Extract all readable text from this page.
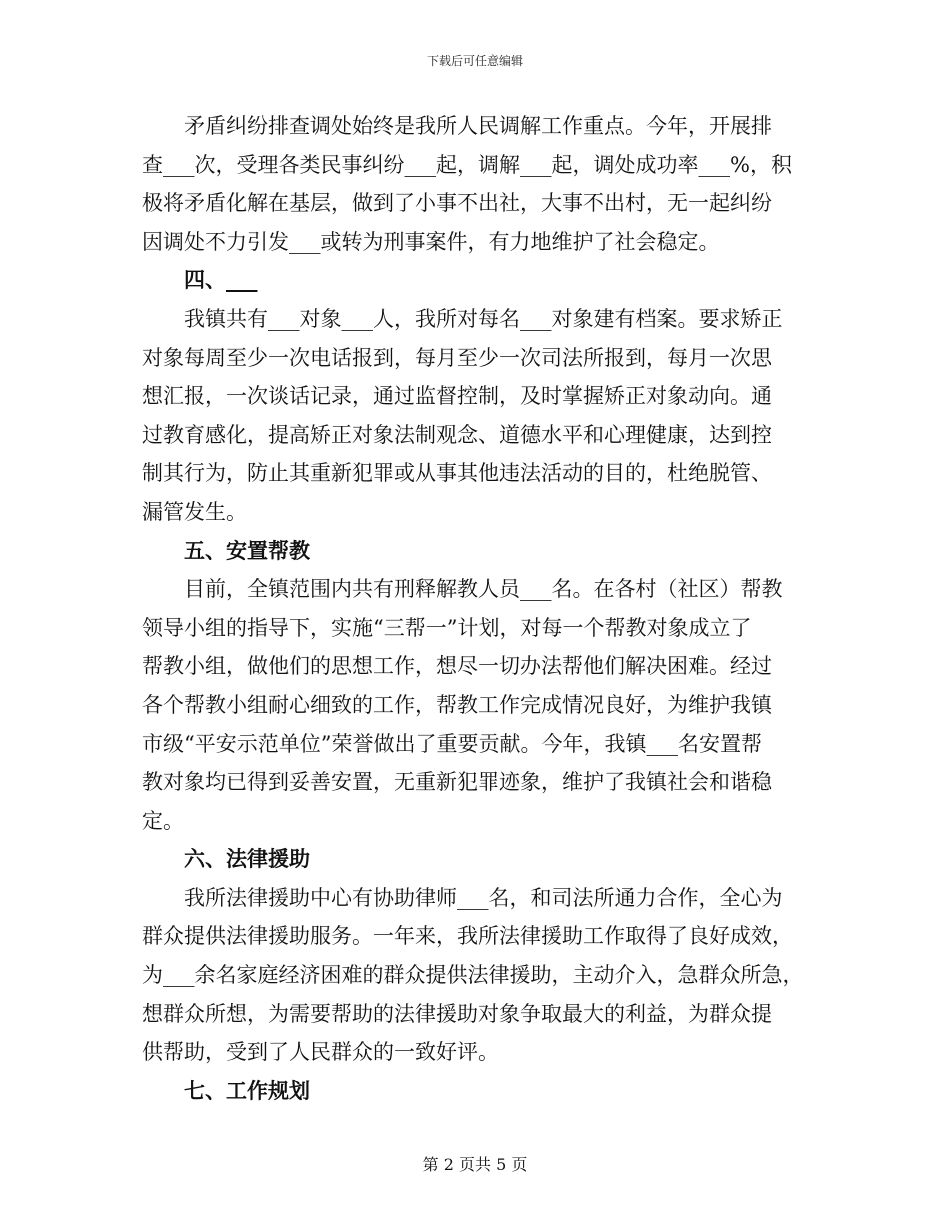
下载后可任意编辑
矛盾纠纷排查调处始终是我所人民调解工作重点。今年，开展排
查___次，受理各类民事纠纷___起，调解___起，调处成功率___%，积
极将矛盾化解在基层，做到了小事不出社，大事不出村，无一起纠纷
因调处不力引发___或转为刑事案件，有力地维护了社会稳定。
四、___
我镇共有___对象___人，我所对每名___对象建有档案。要求矫正
对象每周至少一次电话报到，每月至少一次司法所报到，每月一次思
想汇报，一次谈话记录，通过监督控制，及时掌握矫正对象动向。通
过教育感化，提高矫正对象法制观念、道德水平和心理健康，达到控
制其行为，防止其重新犯罪或从事其他违法活动的目的，杜绝脱管、
漏管发生。
五、安置帮教
目前，全镇范围内共有刑释解教人员___名。在各村（社区）帮教
领导小组的指导下，实施“三帮一”计划，对每一个帮教对象成立了
帮教小组，做他们的思想工作，想尽一切办法帮他们解决困难。经过
各个帮教小组耐心细致的工作，帮教工作完成情况良好，为维护我镇
市级“平安示范单位”荣誉做出了重要贡献。今年，我镇___名安置帮
教对象均已得到妥善安置，无重新犯罪迹象，维护了我镇社会和谐稳
定。
六、法律援助
我所法律援助中心有协助律师___名，和司法所通力合作，全心为
群众提供法律援助服务。一年来，我所法律援助工作取得了良好成效，
为___余名家庭经济困难的群众提供法律援助，主动介入，急群众所急，
想群众所想，为需要帮助的法律援助对象争取最大的利益，为群众提
供帮助，受到了人民群众的一致好评。
七、工作规划
第 2 页共 5 页
